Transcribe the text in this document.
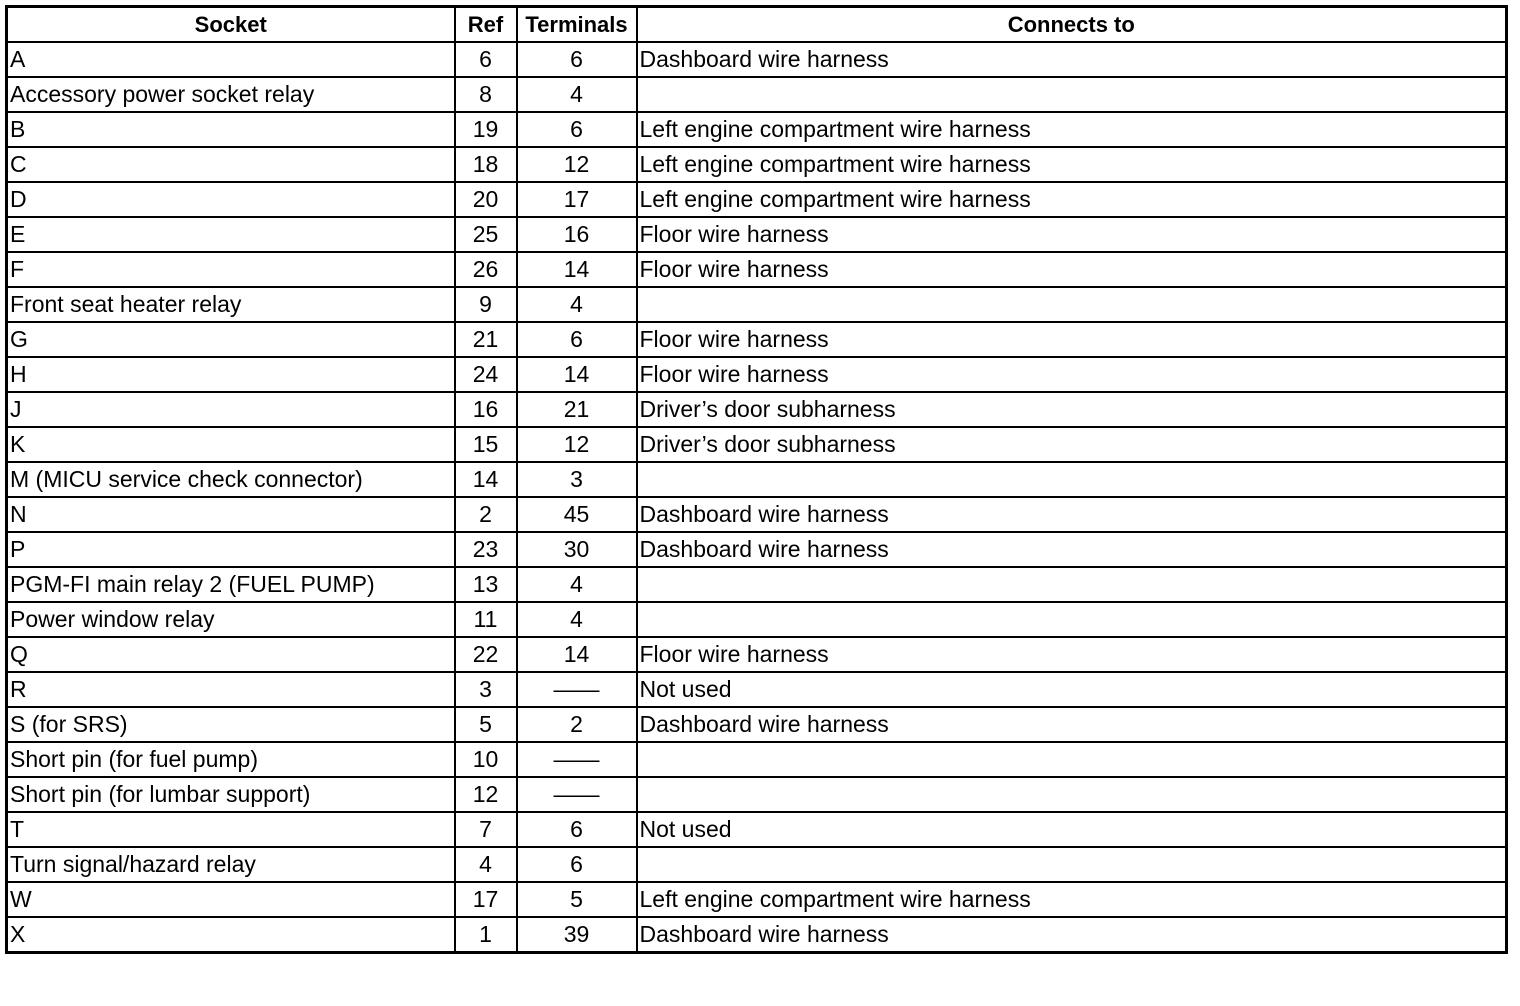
Socket	Ref	Terminals	Connects to
A	6	6	Dashboard wire harness
Accessory power socket relay	8	4	
B	19	6	Left engine compartment wire harness
C	18	12	Left engine compartment wire harness
D	20	17	Left engine compartment wire harness
E	25	16	Floor wire harness
F	26	14	Floor wire harness
Front seat heater relay	9	4	
G	21	6	Floor wire harness
H	24	14	Floor wire harness
J	16	21	Driver’s door subharness
K	15	12	Driver’s door subharness
M (MICU service check connector)	14	3	
N	2	45	Dashboard wire harness
P	23	30	Dashboard wire harness
PGM-FI main relay 2 (FUEL PUMP)	13	4	
Power window relay	11	4	
Q	22	14	Floor wire harness
R	3	——	Not used
S (for SRS)	5	2	Dashboard wire harness
Short pin (for fuel pump)	10	——	
Short pin (for lumbar support)	12	——	
T	7	6	Not used
Turn signal/hazard relay	4	6	
W	17	5	Left engine compartment wire harness
X	1	39	Dashboard wire harness
